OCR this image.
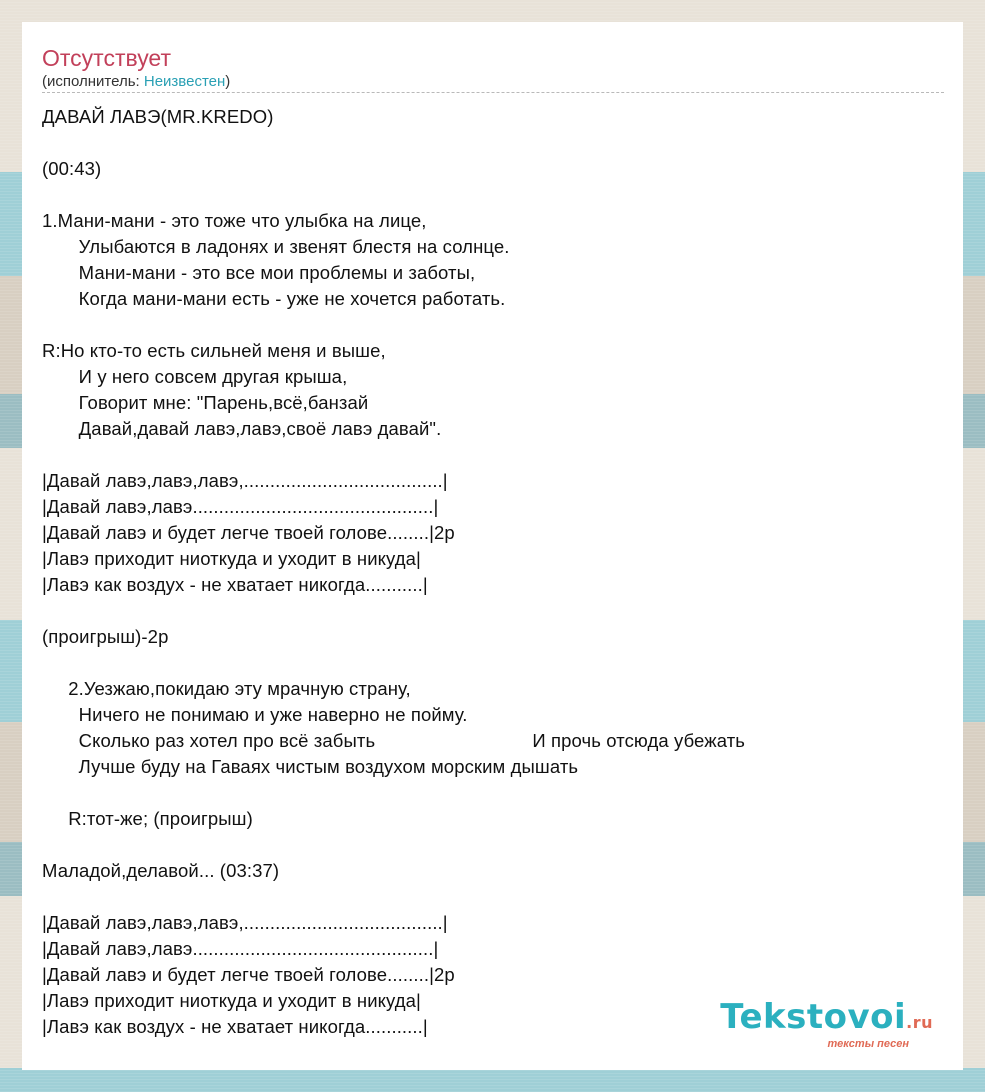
Отсутствует
(исполнитель: Неизвестен)
ДАВАЙ ЛАВЭ(MR.KREDO)
(00:43)
1.Мани-мани - это тоже что улыбка на лице,
Улыбаются в ладонях и звенят блестя на солнце.
Мани-мани - это все мои проблемы и заботы,
Когда мани-мани есть - уже не хочется работать.
R:Но кто-то есть сильней меня и выше,
И у него совсем другая крыша,
Говорит мне: "Парень,всё,банзай
Давай,давай лавэ,лавэ,своё лавэ давай".
|Давай лавэ,лавэ,лавэ,......................................|
|Давай лавэ,лавэ..............................................|
|Давай лавэ и будет легче твоей голове........|2р
|Лавэ приходит ниоткуда и уходит в никуда|
|Лавэ как воздух - не хватает никогда...........|
(проигрыш)-2р
2.Уезжаю,покидаю эту мрачную страну,
Ничего не понимаю и уже наверно не пойму.
Сколько раз хотел про всё забыть                              И прочь отсюда убежать
Лучше буду на Гаваях чистым воздухом морским дышать
R:тот-же; (проигрыш)
Маладой,делавой... (03:37)
|Давай лавэ,лавэ,лавэ,......................................|
|Давай лавэ,лавэ..............................................|
|Давай лавэ и будет легче твоей голове........|2р
|Лавэ приходит ниоткуда и уходит в никуда|
|Лавэ как воздух - не хватает никогда...........|	Tekstovoi.ru
тексты песен
